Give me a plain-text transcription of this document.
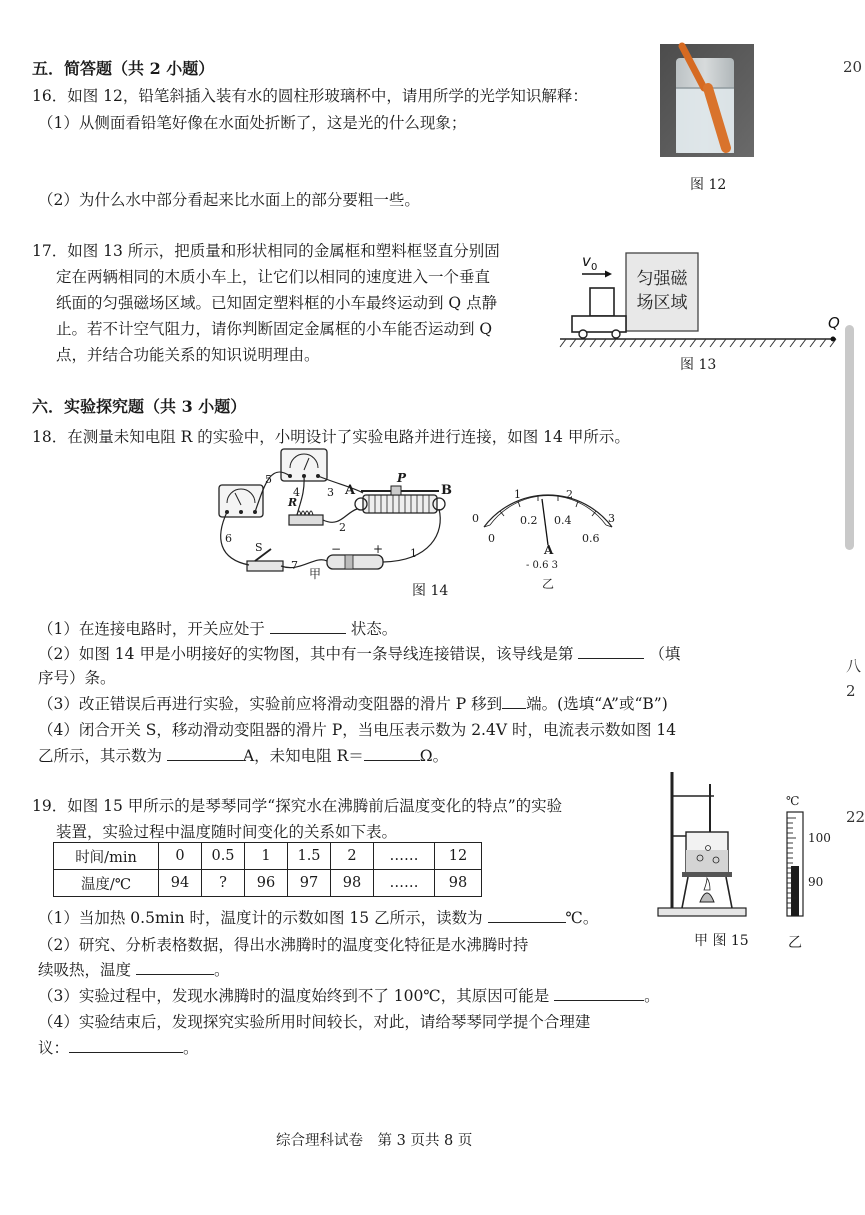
20
八
2
22
五．简答题（共 2 小题）
16．如图 12，铅笔斜插入装有水的圆柱形玻璃杯中，请用所学的光学知识解释：
（1）从侧面看铅笔好像在水面处折断了，这是光的什么现象；
（2）为什么水中部分看起来比水面上的部分要粗一些。
图 12
17．如图 13 所示，把质量和形状相同的金属框和塑料框竖直分别固
定在两辆相同的木质小车上，让它们以相同的速度进入一个垂直
纸面的匀强磁场区域。已知固定塑料框的小车最终运动到 Q 点静
止。若不计空气阻力，请你判断固定金属框的小车能否运动到 Q
点，并结合功能关系的知识说明理由。
匀强磁
场区域
v 0
Q
图 13
六．实验探究题（共 3 小题）
18．在测量未知电阻 R 的实验中，小明设计了实验电路并进行连接，如图 14 甲所示。
5
4 3
R
A
P
B
2
6
S	1
7
−	+
甲
图 14
0
1	2
3
0
0.2 0.4
0.6
A
- 0.6 3
乙
（1）在连接电路时，开关应处于	状态。
（2）如图 14 甲是小明接好的实物图，其中有一条导线连接错误，该导线是第	（填
序号）条。
（3）改正错误后再进行实验，实验前应将滑动变阻器的滑片 P 移到 端。(选填“A”或“B”)
（4）闭合开关 S，移动滑动变阻器的滑片 P，当电压表示数为 2.4V 时，电流表示数如图 14
乙所示，其示数为	A，未知电阻 R＝	Ω。
19．如图 15 甲所示的是琴琴同学“探究水在沸腾前后温度变化的特点”的实验
装置，实验过程中温度随时间变化的关系如下表。
时间/min	0	0.5	1	1.5	2	……	12
温度/℃	94	?	96	97	98	……	98
（1）当加热 0.5min 时，温度计的示数如图 15 乙所示，读数为	℃。
（2）研究、分析表格数据，得出水沸腾时的温度变化特征是水沸腾时持
续吸热，温度	。
（3）实验过程中，发现水沸腾时的温度始终到不了 100℃，其原因可能是	。
（4）实验结束后，发现探究实验所用时间较长，对此，请给琴琴同学提个合理建
议：	。
甲 图 15
℃
100
90
乙
综合理科试卷　第 3 页共 8 页
